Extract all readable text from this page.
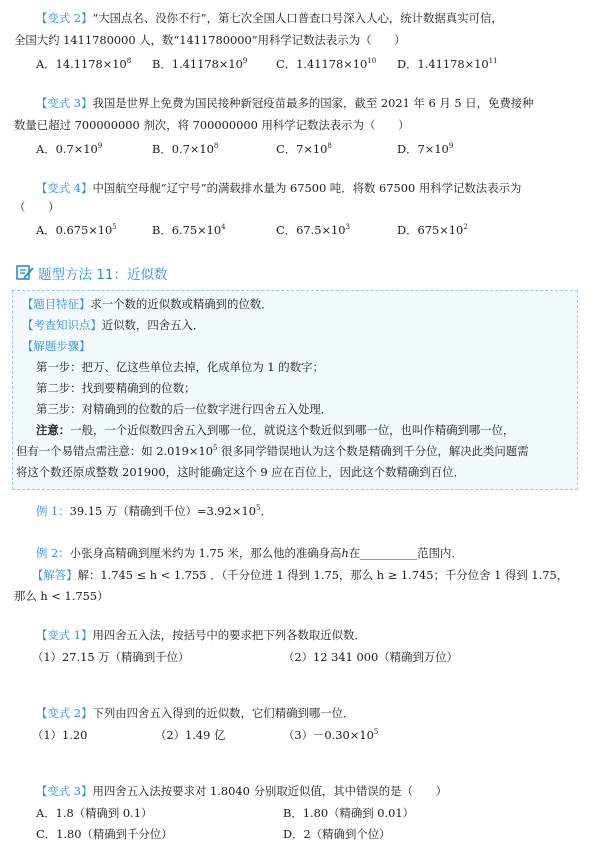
【变式 2】“大国点名、没你不行”，第七次全国人口普查口号深入人心，统计数据真实可信，
全国大约 1411780000 人，数“1411780000”用科学记数法表示为（　　）
A．$14.1178\times 10^8$ B．$1.41178\times 10^9$	C．$1.41178\times 10^{10}$ D．$1.41178\times 10^{11}$
【变式 3】我国是世界上免费为国民接种新冠疫苗最多的国家，截至 2021 年 6 月 5 日，免费接种
数量已超过 700000000 剂次，将 700000000 用科学记数法表示为（　　）
A．$0.7\times 10^9$	B．$0.7\times 10^8$	C．$7\times 10^8$	D．$7\times 10^9$
【变式 4】中国航空母舰“辽宁号”的满载排水量为 67500 吨．将数 67500 用科学记数法表示为
（　　）
A．$0.675\times 10^5$	B．$6.75\times 10^4$	C．$67.5\times 10^3$	D．$675\times 10^2$
题型方法 11：近似数
【题目特征】求一个数的近似数或精确到的位数．
【考查知识点】近似数，四舍五入．
【解题步骤】
第一步：把万、亿这些单位去掉，化成单位为 1 的数字；
第二步：找到要精确到的位数；
第三步：对精确到的位数的后一位数字进行四舍五入处理．
注意：一般，一个近似数四舍五入到哪一位，就说这个数近似到哪一位，也叫作精确到哪一位，
但有一个易错点需注意：如 $2.019\times 10^5$ 很多同学错误地认为这个数是精确到千分位，解决此类问题需
将这个数还原成整数 201900，这时能确定这个 9 应在百位上，因此这个数精确到百位．
例 1：39.15 万（精确到千位）$=3.92\times 10^5$．
例 2：小张身高精确到厘米约为 1.75 米，那么他的准确身高h在__________范围内．
【解答】解：1.745 ≤ h < 1.755 ．（千分位进 1 得到 1.75，那么 h ≥ 1.745；千分位舍 1 得到 1.75，
那么 h < 1.755）
【变式 1】用四舍五入法，按括号中的要求把下列各数取近似数．
（1）27.15 万（精确到千位）	（2）12 341 000（精确到万位）
【变式 2】下列由四舍五入得到的近似数，它们精确到哪一位．
（1）1.20	（2）1.49 亿	$(3)-0.30\times 10^5$
【变式 3】用四舍五入法按要求对 1.8040 分别取近似值，其中错误的是（　　）
A．1.8（精确到 0.1）	B．1.80（精确到 0.01）
C．1.80（精确到千分位）	D．2（精确到个位）
